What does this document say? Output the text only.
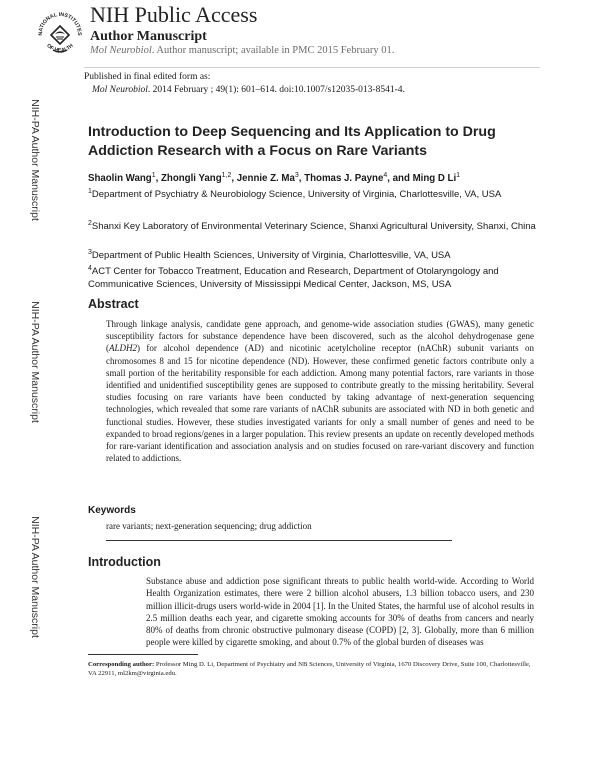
NATIONAL INSTITUTES
OF HEALTH
NIH Public Access
Author Manuscript
Mol Neurobiol. Author manuscript; available in PMC 2015 February 01.
Published in final edited form as:
Mol Neurobiol. 2014 February ; 49(1): 601–614. doi:10.1007/s12035-013-8541-4.
NIH-PA Author Manuscript
NIH-PA Author Manuscript
NIH-PA Author Manuscript
Introduction to Deep Sequencing and Its Application to Drug Addiction Research with a Focus on Rare Variants
Shaolin Wang$^1$, Zhongli Yang$^{1,2}$, Jennie Z. Ma$^3$, Thomas J. Payne$^4$, and Ming D Li$^1$
$^1$Department of Psychiatry & Neurobiology Science, University of Virginia, Charlottesville, VA, USA
$^2$Shanxi Key Laboratory of Environmental Veterinary Science, Shanxi Agricultural University, Shanxi, China
$^3$Department of Public Health Sciences, University of Virginia, Charlottesville, VA, USA
$^4$ACT Center for Tobacco Treatment, Education and Research, Department of Otolaryngology and Communicative Sciences, University of Mississippi Medical Center, Jackson, MS, USA
Abstract
Through linkage analysis, candidate gene approach, and genome-wide association studies (GWAS), many genetic susceptibility factors for substance dependence have been discovered, such as the alcohol dehydrogenase gene (ALDH2) for alcohol dependence (AD) and nicotinic acetylcholine receptor (nAChR) subunit variants on chromosomes 8 and 15 for nicotine dependence (ND). However, these confirmed genetic factors contribute only a small portion of the heritability responsible for each addiction. Among many potential factors, rare variants in those identified and unidentified susceptibility genes are supposed to contribute greatly to the missing heritability. Several studies focusing on rare variants have been conducted by taking advantage of next-generation sequencing technologies, which revealed that some rare variants of nAChR subunits are associated with ND in both genetic and functional studies. However, these studies investigated variants for only a small number of genes and need to be expanded to broad regions/genes in a larger population. This review presents an update on recently developed methods for rare-variant identification and association analysis and on studies focused on rare-variant discovery and function related to addictions.
Keywords
rare variants; next-generation sequencing; drug addiction
Introduction
Substance abuse and addiction pose significant threats to public health world-wide. According to World Health Organization estimates, there were 2 billion alcohol abusers, 1.3 billion tobacco users, and 230 million illicit-drugs users world-wide in 2004 [1]. In the United States, the harmful use of alcohol results in 2.5 million deaths each year, and cigarette smoking accounts for 30% of deaths from cancers and nearly 80% of deaths from chronic obstructive pulmonary disease (COPD) [2, 3]. Globally, more than 6 million people were killed by cigarette smoking, and about 0.7% of the global burden of diseases was
Corresponding author: Professor Ming D. Li, Department of Psychiatry and NB Sciences, University of Virginia, 1670 Discovery Drive, Suite 100, Charlottesville, VA 22911, ml2km@virginia.edu.
